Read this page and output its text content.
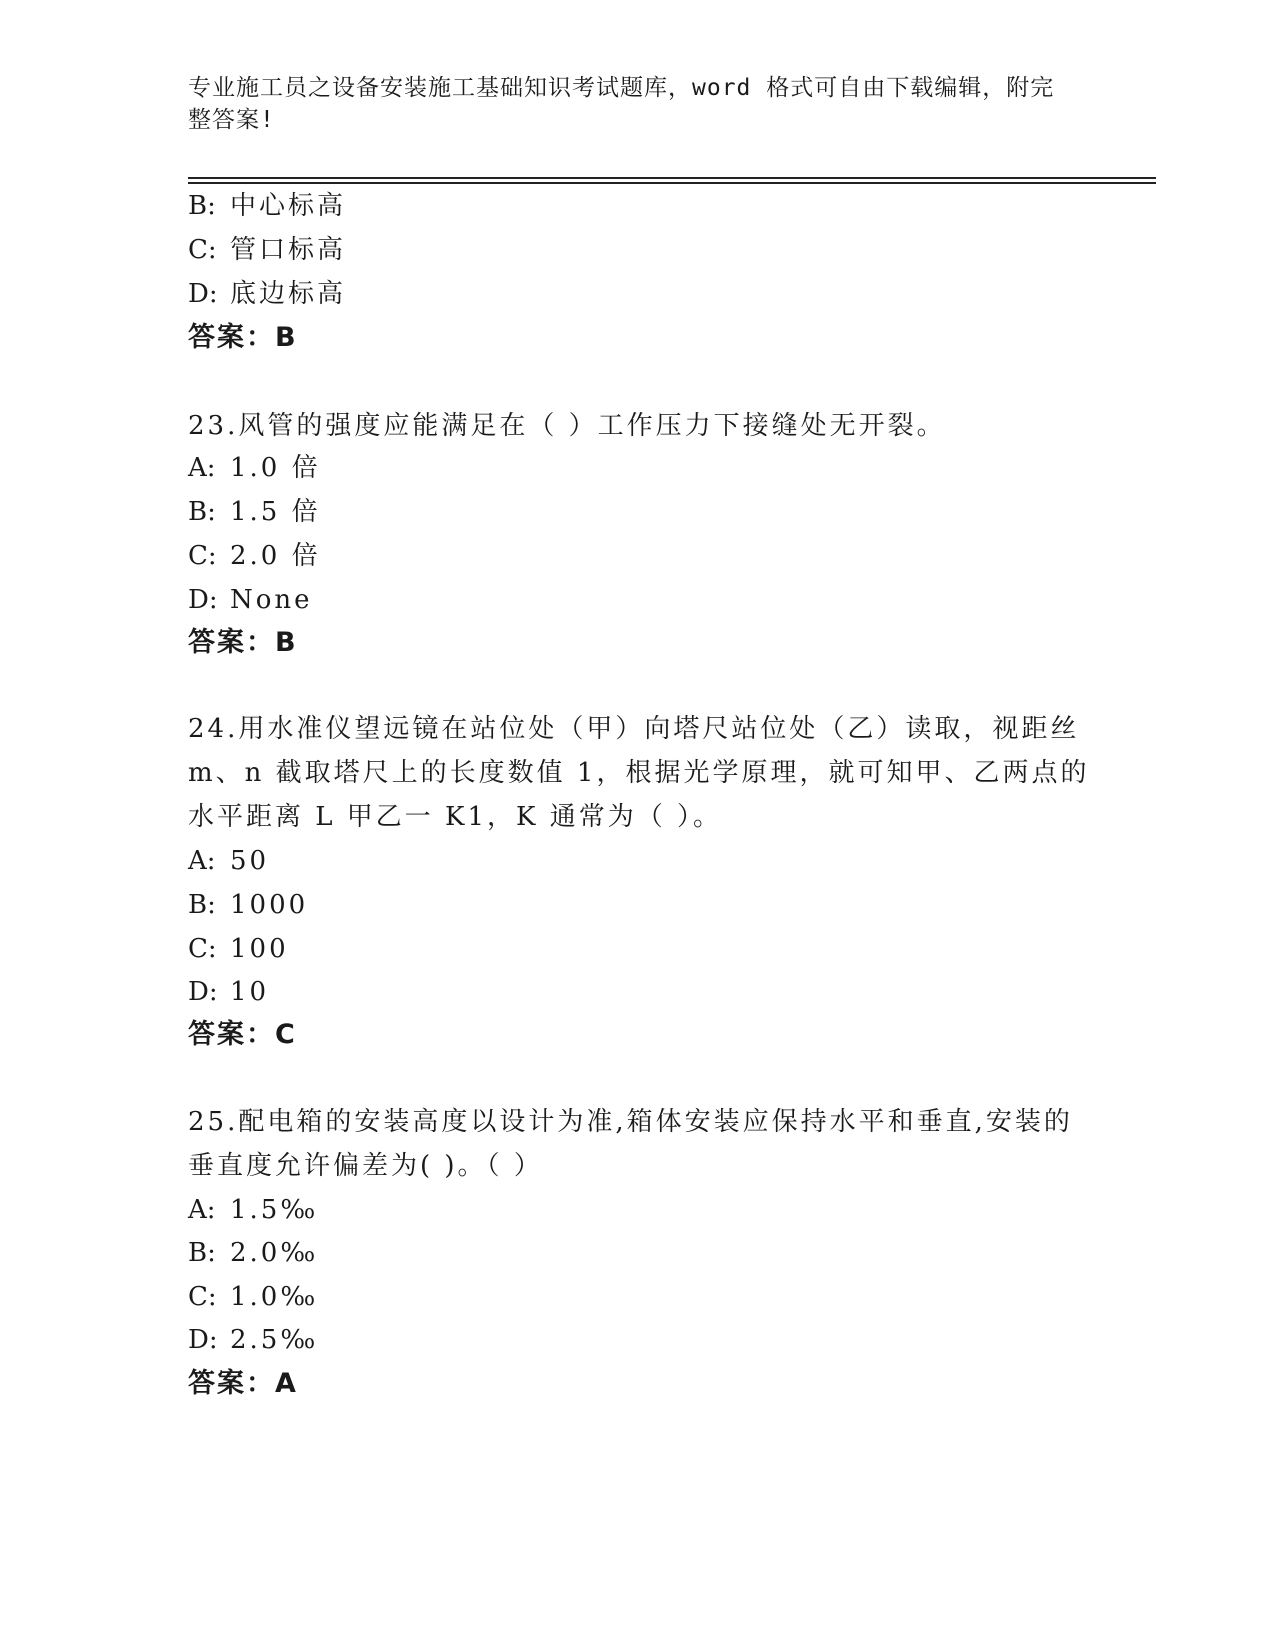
专业施工员之设备安装施工基础知识考试题库，word 格式可自由下载编辑，附完
整答案!
B: 中心标高
C: 管口标高
D: 底边标高
答案：B
23.风管的强度应能满足在（ ）工作压力下接缝处无开裂。
A: 1.0 倍
B: 1.5 倍
C: 2.0 倍
D: None
答案：B
24.用水准仪望远镜在站位处（甲）向塔尺站位处（乙）读取，视距丝
m、n 截取塔尺上的长度数值 1，根据光学原理，就可知甲、乙两点的
水平距离 L 甲乙一 K1，K 通常为（ ）。
A: 50
B: 1000
C: 100
D: 10
答案：C
25.配电箱的安装高度以设计为准,箱体安装应保持水平和垂直,安装的
垂直度允许偏差为( )。（ ）
A: 1.5‰
B: 2.0‰
C: 1.0‰
D: 2.5‰
答案：A
